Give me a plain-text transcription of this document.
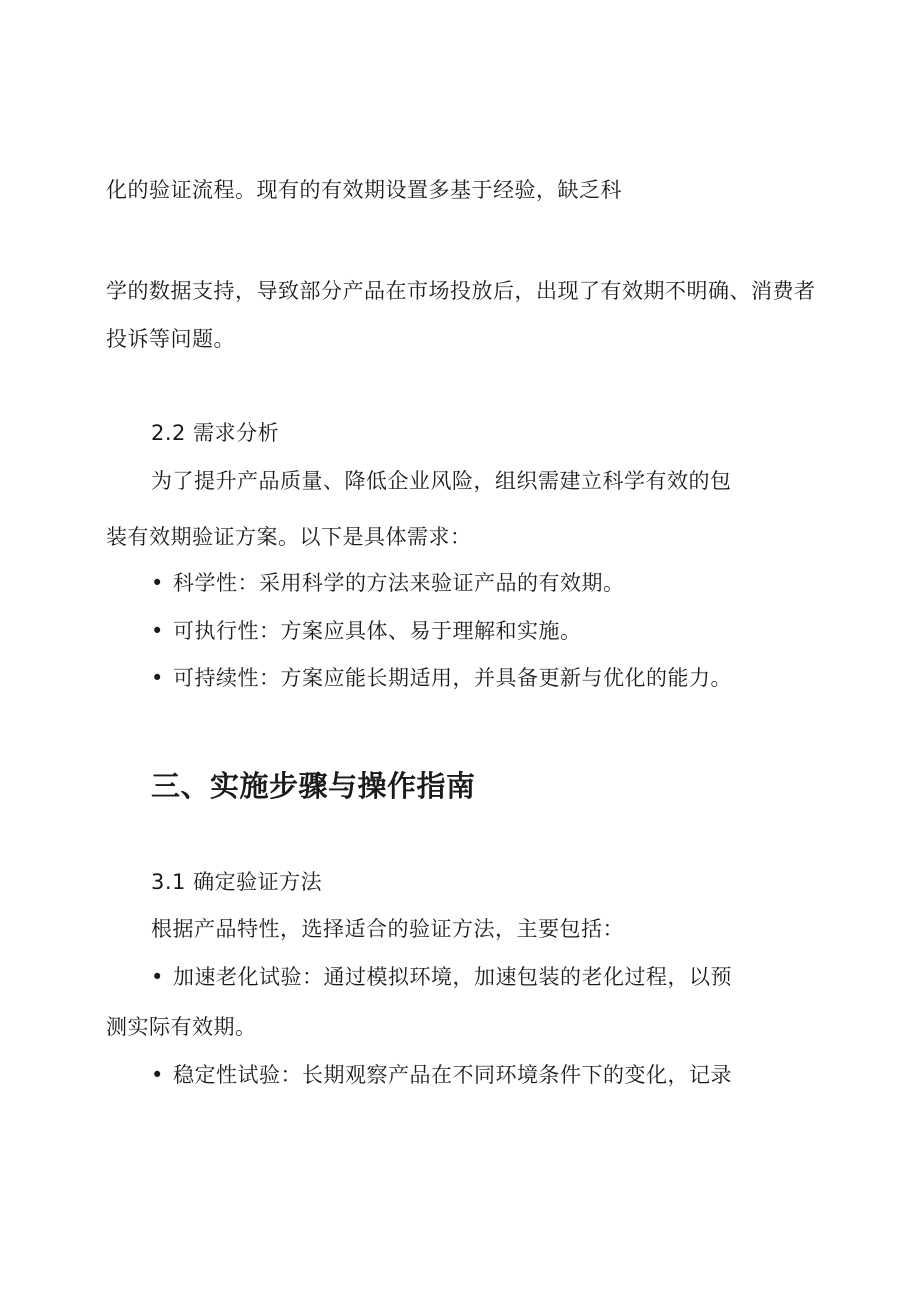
化的验证流程。现有的有效期设置多基于经验，缺乏科
学的数据支持，导致部分产品在市场投放后，出现了有效期不明确、消费者
投诉等问题。
2.2 需求分析
为了提升产品质量、降低企业风险，组织需建立科学有效的包
装有效期验证方案。以下是具体需求：
• 科学性：采用科学的方法来验证产品的有效期。
• 可执行性：方案应具体、易于理解和实施。
• 可持续性：方案应能长期适用，并具备更新与优化的能力。
三、实施步骤与操作指南
3.1 确定验证方法
根据产品特性，选择适合的验证方法，主要包括：
• 加速老化试验：通过模拟环境，加速包装的老化过程，以预
测实际有效期。
• 稳定性试验：长期观察产品在不同环境条件下的变化，记录
